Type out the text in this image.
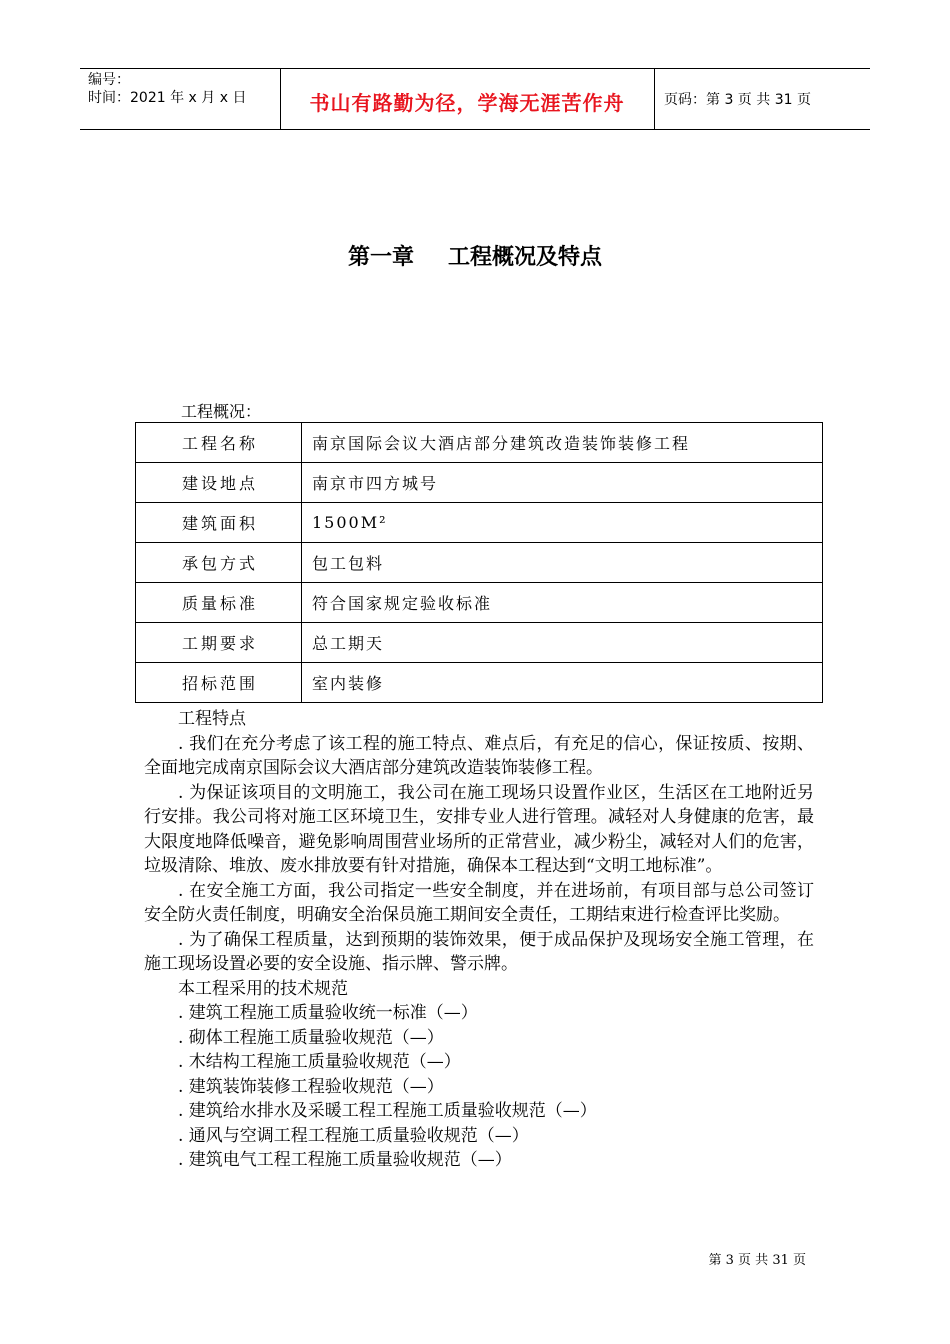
编号：
时间：2021 年 x 月 x 日	书山有路勤为径，学海无涯苦作舟	页码：第 3 页 共 31 页
第一章 工程概况及特点
工程概况：
工程名称	南京国际会议大酒店部分建筑改造装饰装修工程
建设地点	南京市四方城号
建筑面积	1500M²
承包方式	包工包料
质量标准	符合国家规定验收标准
工期要求	总工期天
招标范围	室内装修

工程特点

. 我们在充分考虑了该工程的施工特点、难点后，有充足的信心，保证按质、按期、全面地完成南京国际会议大酒店部分建筑改造装饰装修工程。

. 为保证该项目的文明施工，我公司在施工现场只设置作业区，生活区在工地附近另行安排。我公司将对施工区环境卫生，安排专业人进行管理。减轻对人身健康的危害，最大限度地降低噪音，避免影响周围营业场所的正常营业，减少粉尘，减轻对人们的危害，垃圾清除、堆放、废水排放要有针对措施，确保本工程达到“文明工地标准”。

. 在安全施工方面，我公司指定一些安全制度，并在进场前，有项目部与总公司签订安全防火责任制度，明确安全治保员施工期间安全责任，工期结束进行检查评比奖励。

. 为了确保工程质量，达到预期的装饰效果，便于成品保护及现场安全施工管理，在施工现场设置必要的安全设施、指示牌、警示牌。

本工程采用的技术规范

. 建筑工程施工质量验收统一标准（—）

. 砌体工程施工质量验收规范（—）

. 木结构工程施工质量验收规范（—）

. 建筑装饰装修工程验收规范（—）

. 建筑给水排水及采暖工程工程施工质量验收规范（—）

. 通风与空调工程工程施工质量验收规范（—）

. 建筑电气工程工程施工质量验收规范（—）

第 3 页 共 31 页
